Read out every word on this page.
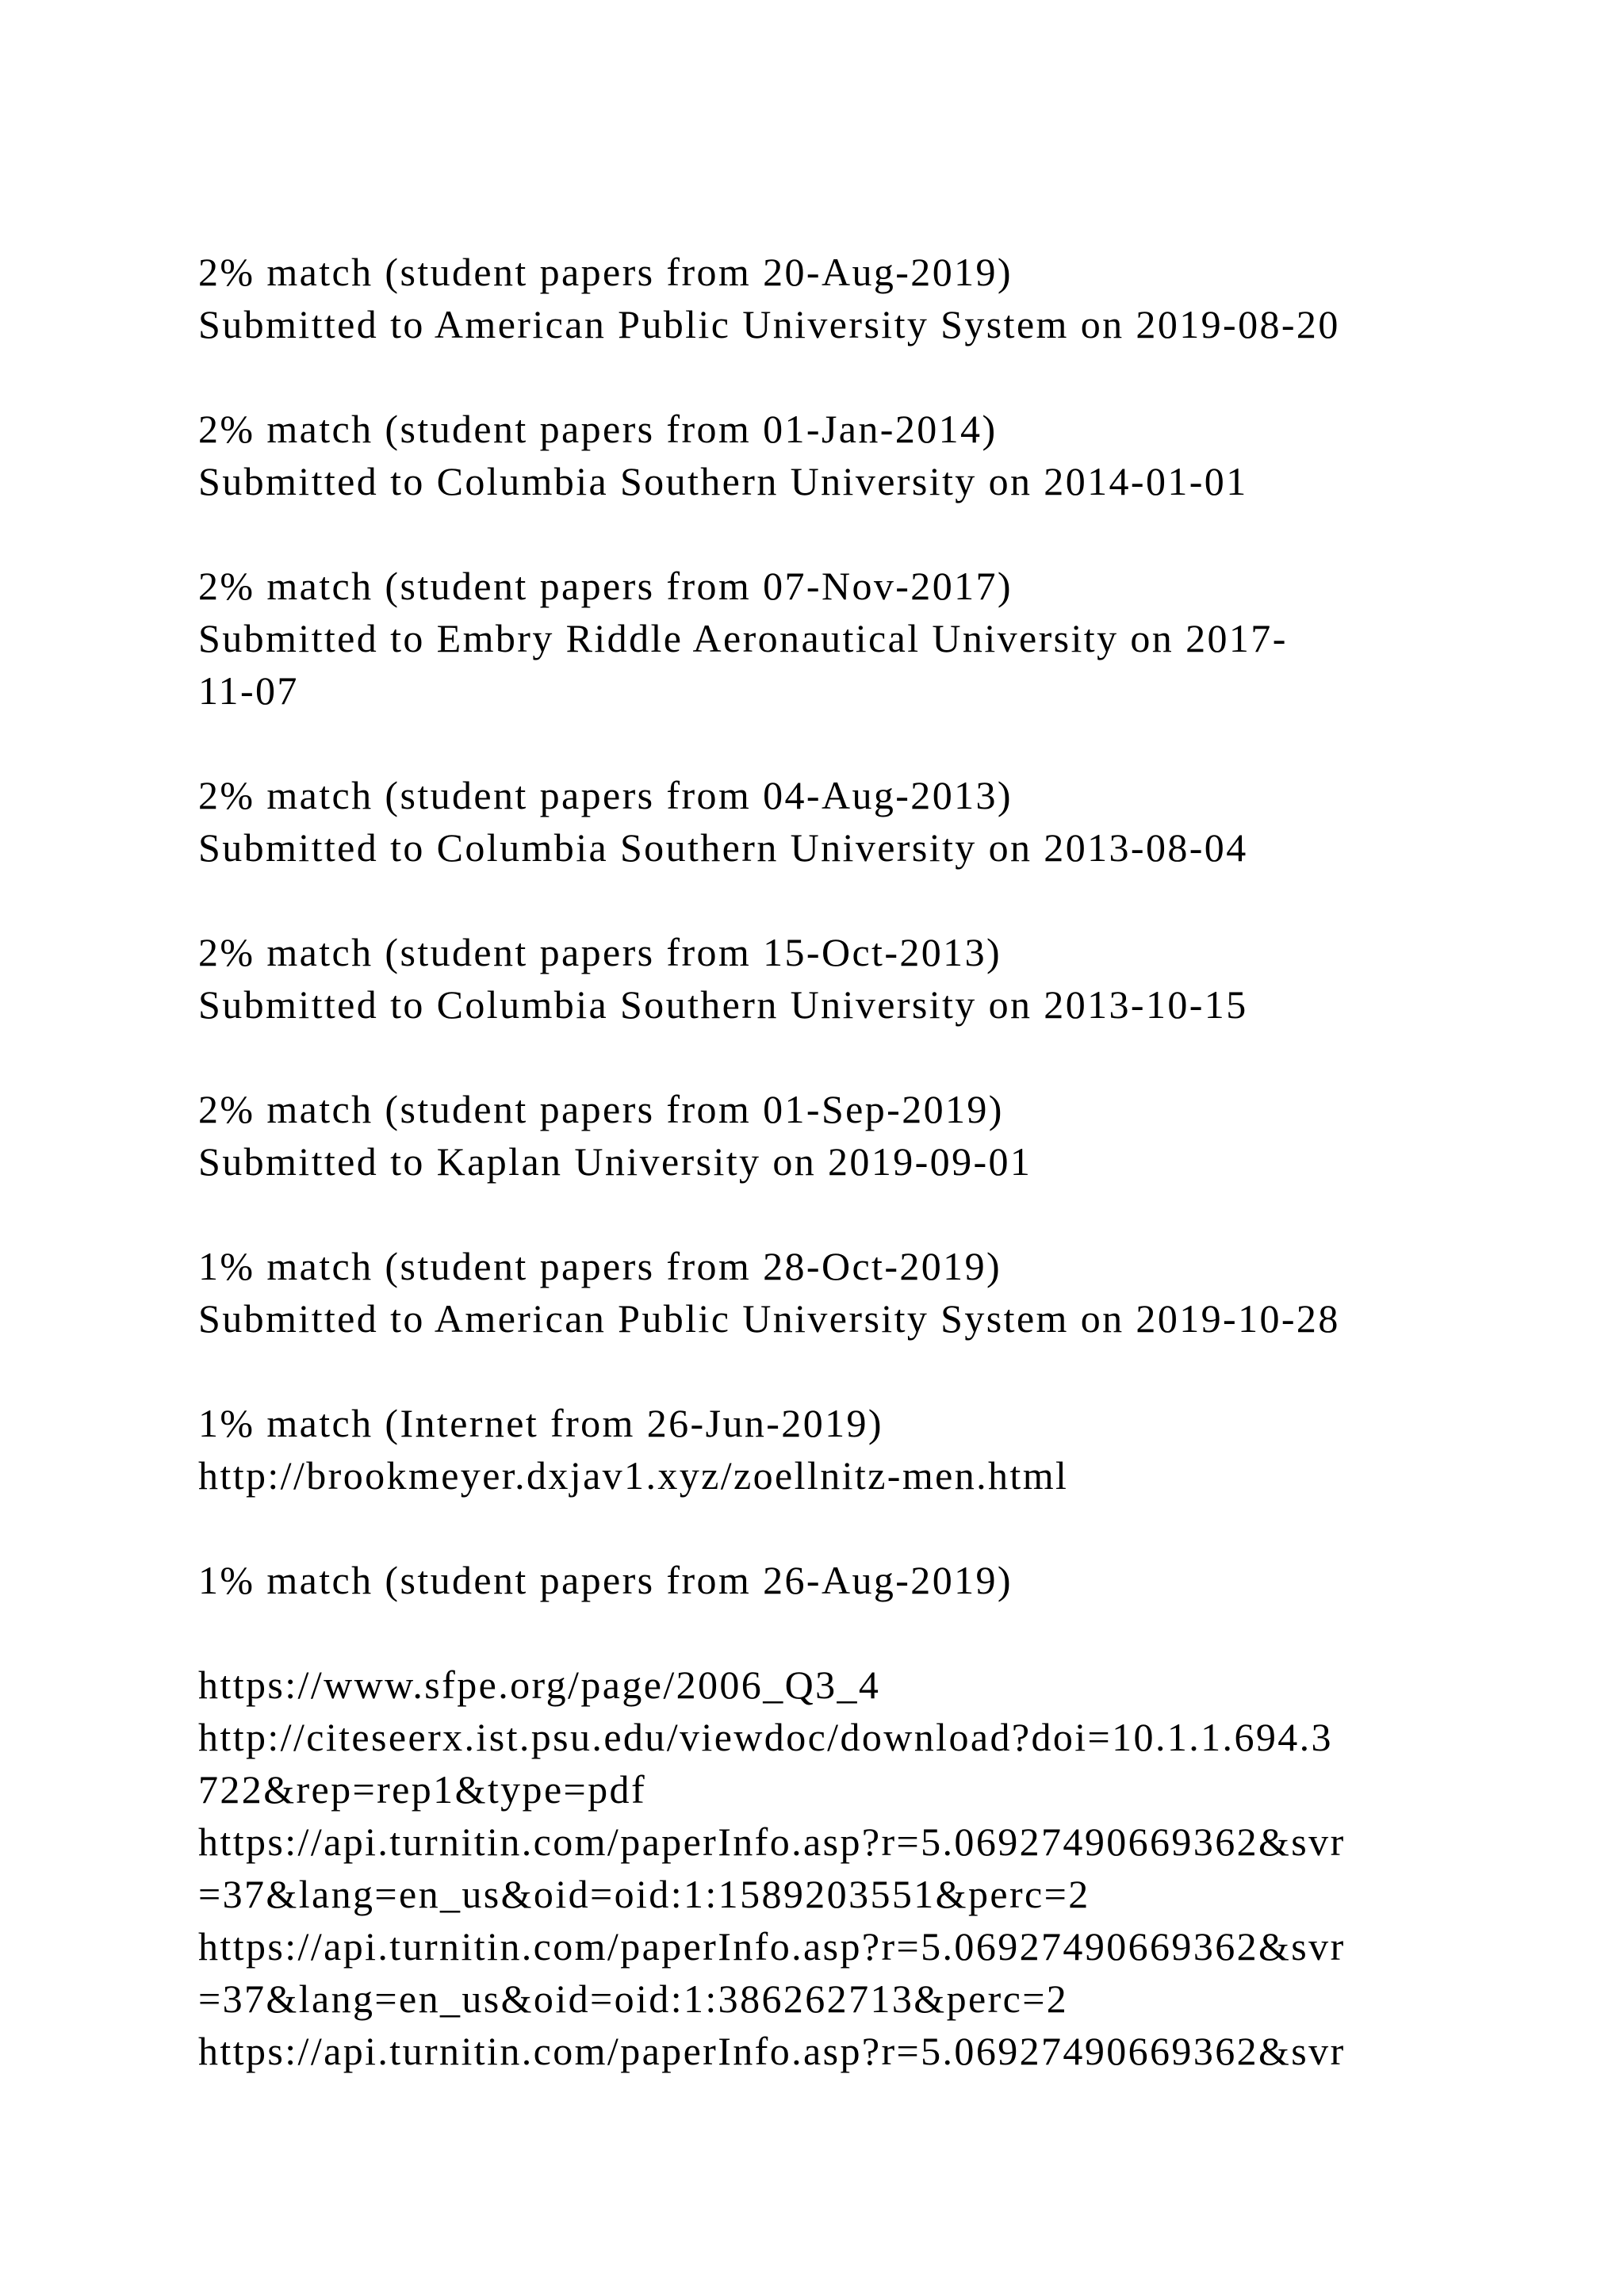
2% match (student papers from 20-Aug-2019)
Submitted to American Public University System on 2019-08-20
2% match (student papers from 01-Jan-2014)
Submitted to Columbia Southern University on 2014-01-01
2% match (student papers from 07-Nov-2017)
Submitted to Embry Riddle Aeronautical University on 2017-
11-07
2% match (student papers from 04-Aug-2013)
Submitted to Columbia Southern University on 2013-08-04
2% match (student papers from 15-Oct-2013)
Submitted to Columbia Southern University on 2013-10-15
2% match (student papers from 01-Sep-2019)
Submitted to Kaplan University on 2019-09-01
1% match (student papers from 28-Oct-2019)
Submitted to American Public University System on 2019-10-28
1% match (Internet from 26-Jun-2019)
http://brookmeyer.dxjav1.xyz/zoellnitz-men.html
1% match (student papers from 26-Aug-2019)
https://www.sfpe.org/page/2006_Q3_4
http://citeseerx.ist.psu.edu/viewdoc/download?doi=10.1.1.694.3
722&rep=rep1&type=pdf
https://api.turnitin.com/paperInfo.asp?r=5.06927490669362&svr
=37&lang=en_us&oid=oid:1:1589203551&perc=2
https://api.turnitin.com/paperInfo.asp?r=5.06927490669362&svr
=37&lang=en_us&oid=oid:1:386262713&perc=2
https://api.turnitin.com/paperInfo.asp?r=5.06927490669362&svr
